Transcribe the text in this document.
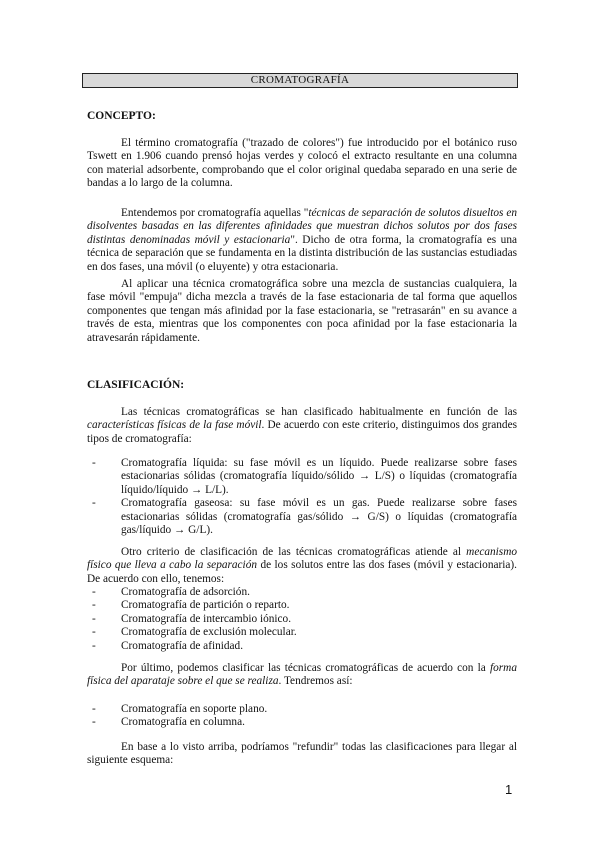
CROMATOGRAFÍA
CONCEPTO:
El término cromatografía ("trazado de colores") fue introducido por el botánico ruso Tswett en 1.906 cuando prensó hojas verdes y colocó el extracto resultante en una columna con material adsorbente, comprobando que el color original quedaba separado en una serie de bandas a lo largo de la columna.
Entendemos por cromatografía aquellas "técnicas de separación de solutos disueltos en disolventes basadas en las diferentes afinidades que muestran dichos solutos por dos fases distintas denominadas móvil y estacionaria". Dicho de otra forma, la cromatografía es una técnica de separación que se fundamenta en la distinta distribución de las sustancias estudiadas en dos fases, una móvil (o eluyente) y otra estacionaria.
Al aplicar una técnica cromatográfica sobre una mezcla de sustancias cualquiera, la fase móvil "empuja" dicha mezcla a través de la fase estacionaria de tal forma que aquellos componentes que tengan más afinidad por la fase estacionaria, se "retrasarán" en su avance a través de esta, mientras que los componentes con poca afinidad por la fase estacionaria la atravesarán rápidamente.
CLASIFICACIÓN:
Las técnicas cromatográficas se han clasificado habitualmente en función de las características físicas de la fase móvil. De acuerdo con este criterio, distinguimos dos grandes tipos de cromatografía:
- Cromatografía líquida: su fase móvil es un líquido. Puede realizarse sobre fases estacionarias sólidas (cromatografía líquido/sólido → L/S) o líquidas (cromatografía líquido/líquido → L/L).
- Cromatografía gaseosa: su fase móvil es un gas. Puede realizarse sobre fases estacionarias sólidas (cromatografía gas/sólido → G/S) o líquidas (cromatografía gas/líquido → G/L).
Otro criterio de clasificación de las técnicas cromatográficas atiende al mecanismo físico que lleva a cabo la separación de los solutos entre las dos fases (móvil y estacionaria). De acuerdo con ello, tenemos:
- Cromatografía de adsorción.
- Cromatografía de partición o reparto.
- Cromatografía de intercambio iónico.
- Cromatografía de exclusión molecular.
- Cromatografía de afinidad.
Por último, podemos clasificar las técnicas cromatográficas de acuerdo con la forma física del aparataje sobre el que se realiza. Tendremos así:
- Cromatografía en soporte plano.
- Cromatografía en columna.
En base a lo visto arriba, podríamos "refundir" todas las clasificaciones para llegar al siguiente esquema:
1
